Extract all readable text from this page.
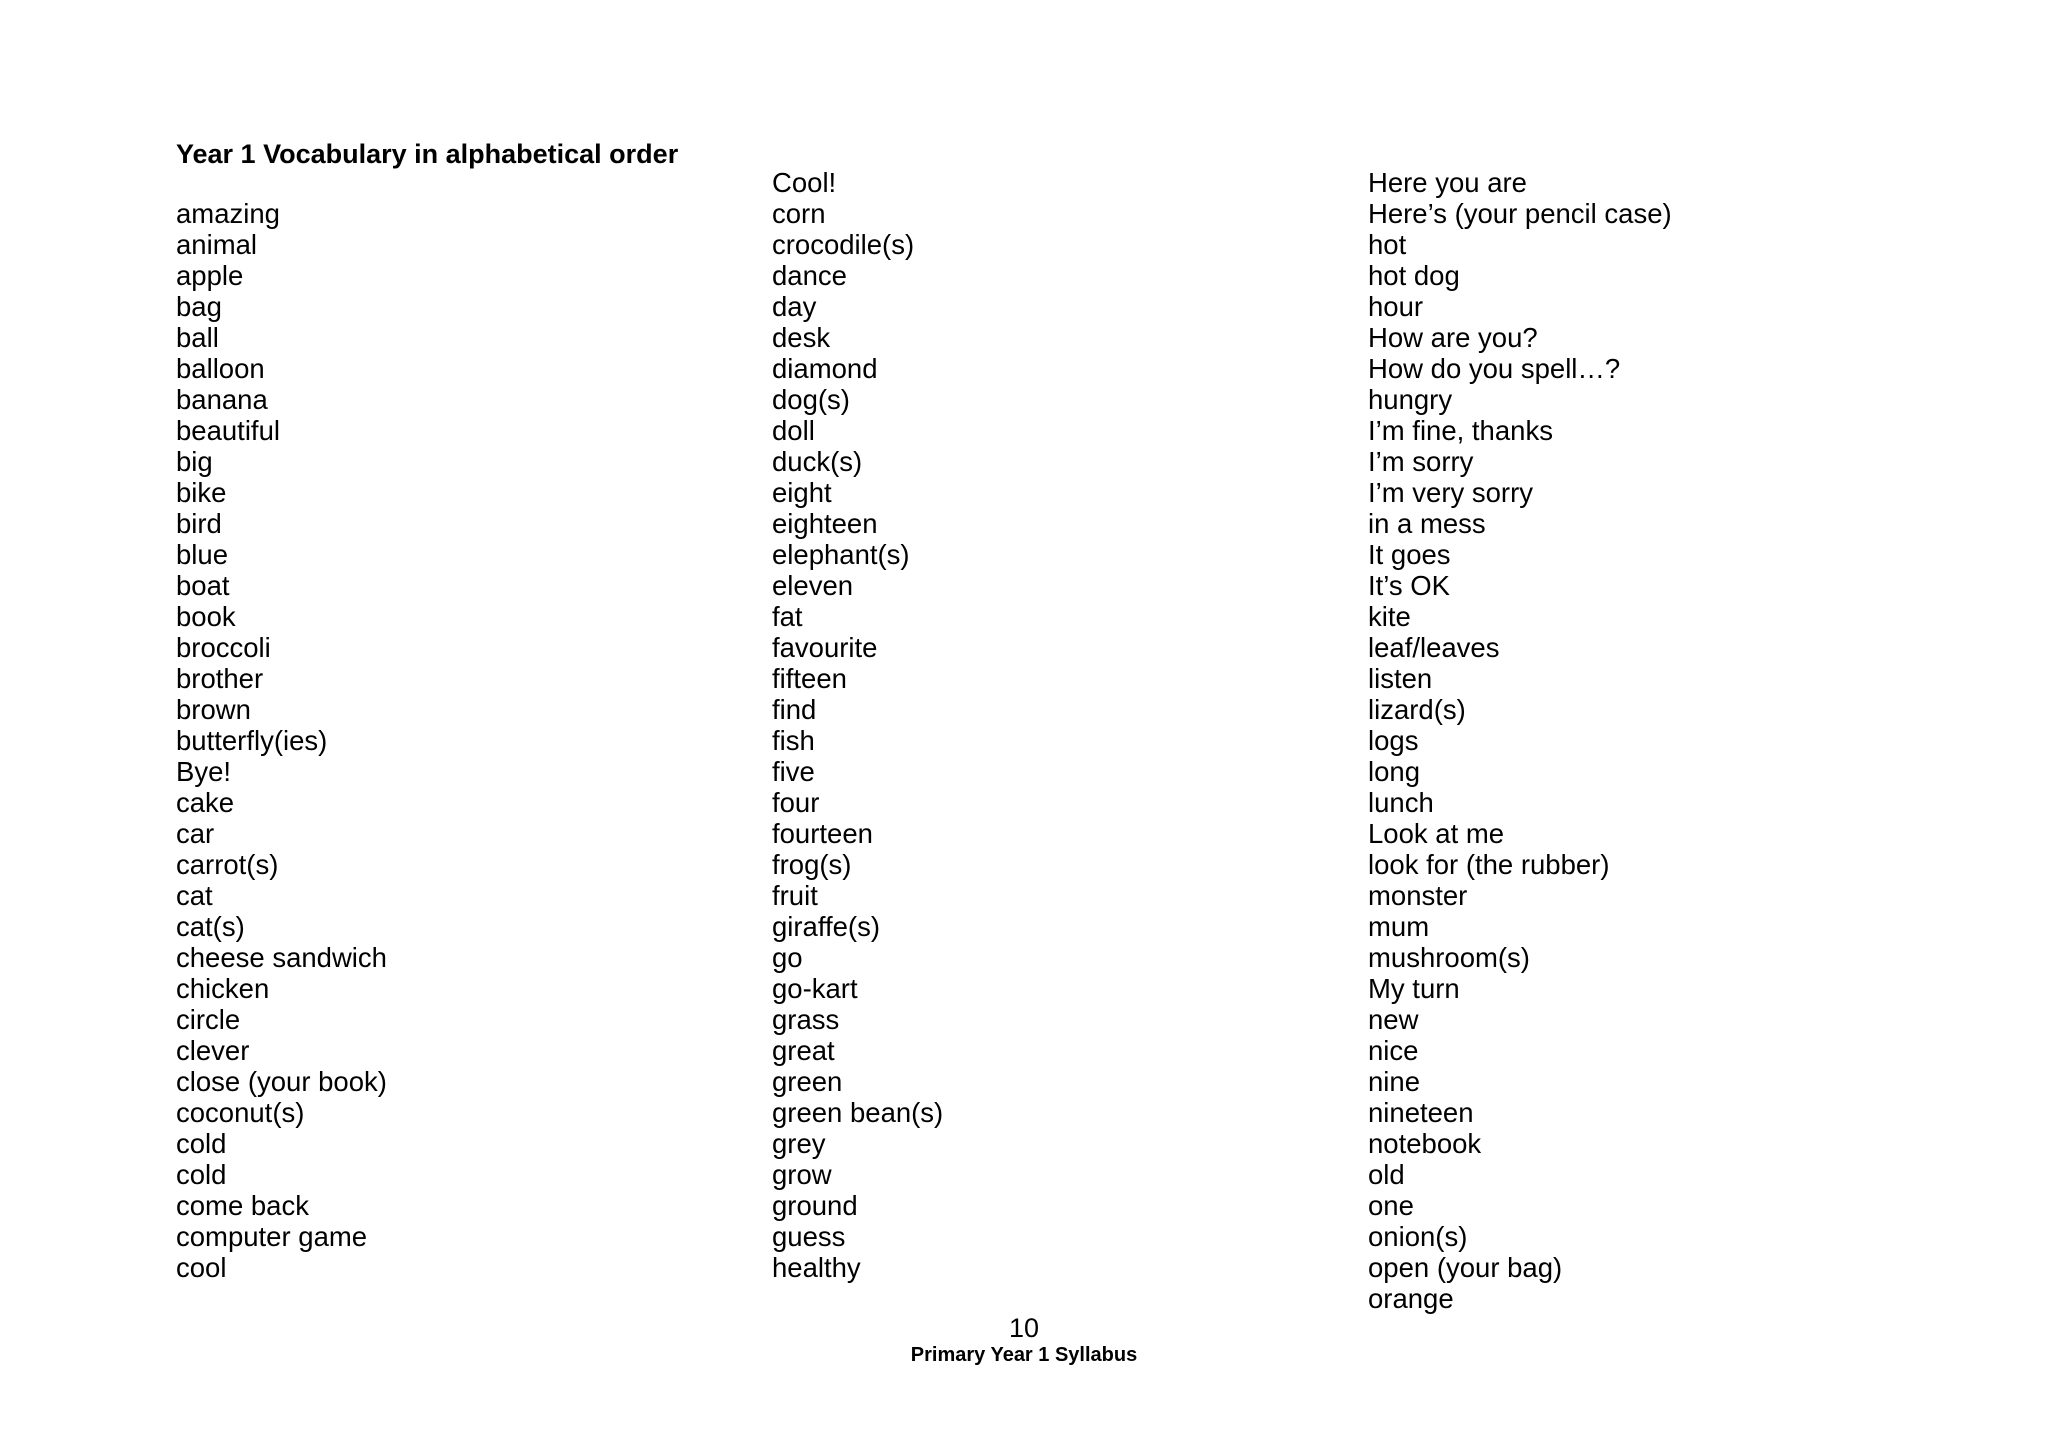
Year 1 Vocabulary in alphabetical order
amazing
animal
apple
bag
ball
balloon
banana
beautiful
big
bike
bird
blue
boat
book
broccoli
brother
brown
butterfly(ies)
Bye!
cake
car
carrot(s)
cat
cat(s)
cheese sandwich
chicken
circle
clever
close (your book)
coconut(s)
cold
cold
come back
computer game
cool
Cool!
corn
crocodile(s)
dance
day
desk
diamond
dog(s)
doll
duck(s)
eight
eighteen
elephant(s)
eleven
fat
favourite
fifteen
find
fish
five
four
fourteen
frog(s)
fruit
giraffe(s)
go
go-kart
grass
great
green
green bean(s)
grey
grow
ground
guess
healthy
Here you are
Here’s (your pencil case)
hot
hot dog
hour
How are you?
How do you spell…?
hungry
I’m fine, thanks
I’m sorry
I’m very sorry
in a mess
It goes
It’s OK
kite
leaf/leaves
listen
lizard(s)
logs
long
lunch
Look at me
look for (the rubber)
monster
mum
mushroom(s)
My turn
new
nice
nine
nineteen
notebook
old
one
onion(s)
open (your bag)
orange
10
Primary Year 1 Syllabus
